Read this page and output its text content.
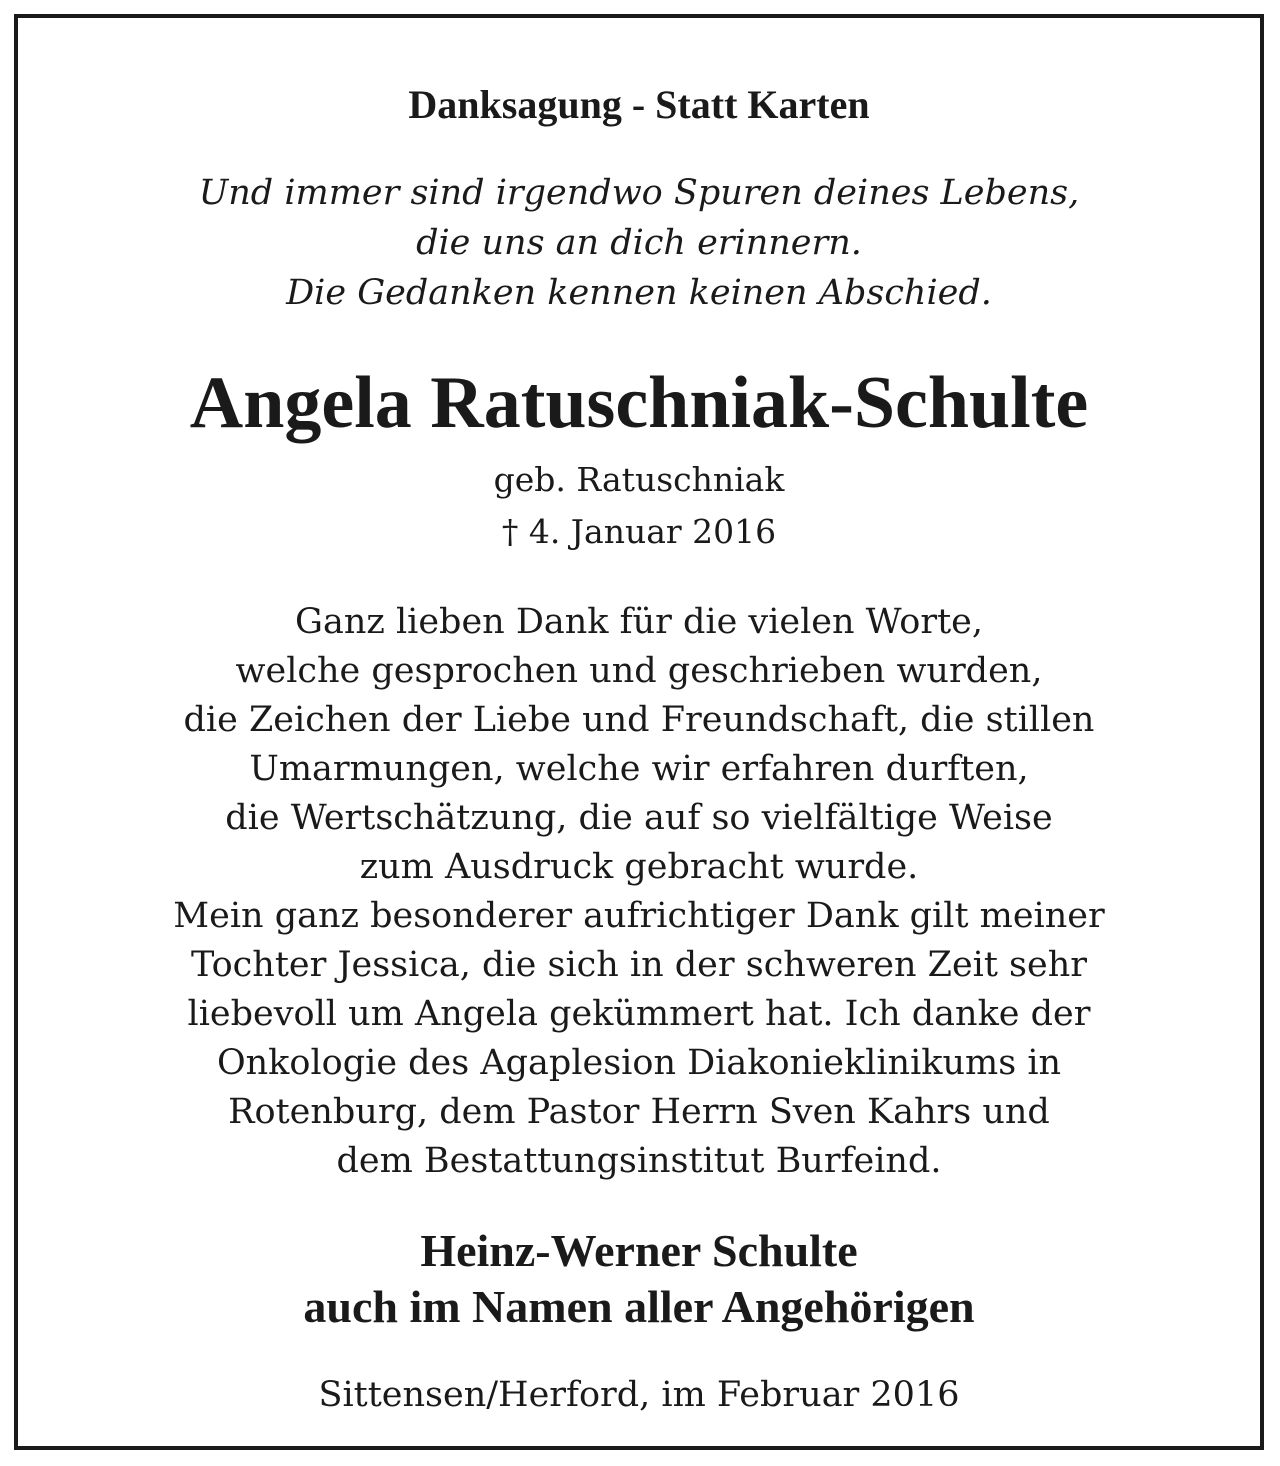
Danksagung - Statt Karten
Und immer sind irgendwo Spuren deines Lebens,
die uns an dich erinnern.
Die Gedanken kennen keinen Abschied.
Angela Ratuschniak-Schulte
geb. Ratuschniak
† 4. Januar 2016
Ganz lieben Dank für die vielen Worte,
welche gesprochen und geschrieben wurden,
die Zeichen der Liebe und Freundschaft, die stillen
Umarmungen, welche wir erfahren durften,
die Wertschätzung, die auf so vielfältige Weise
zum Ausdruck gebracht wurde.
Mein ganz besonderer aufrichtiger Dank gilt meiner
Tochter Jessica, die sich in der schweren Zeit sehr
liebevoll um Angela gekümmert hat. Ich danke der
Onkologie des Agaplesion Diakonieklinikums in
Rotenburg, dem Pastor Herrn Sven Kahrs und
dem Bestattungsinstitut Burfeind.
Heinz-Werner Schulte
auch im Namen aller Angehörigen
Sittensen/Herford, im Februar 2016
